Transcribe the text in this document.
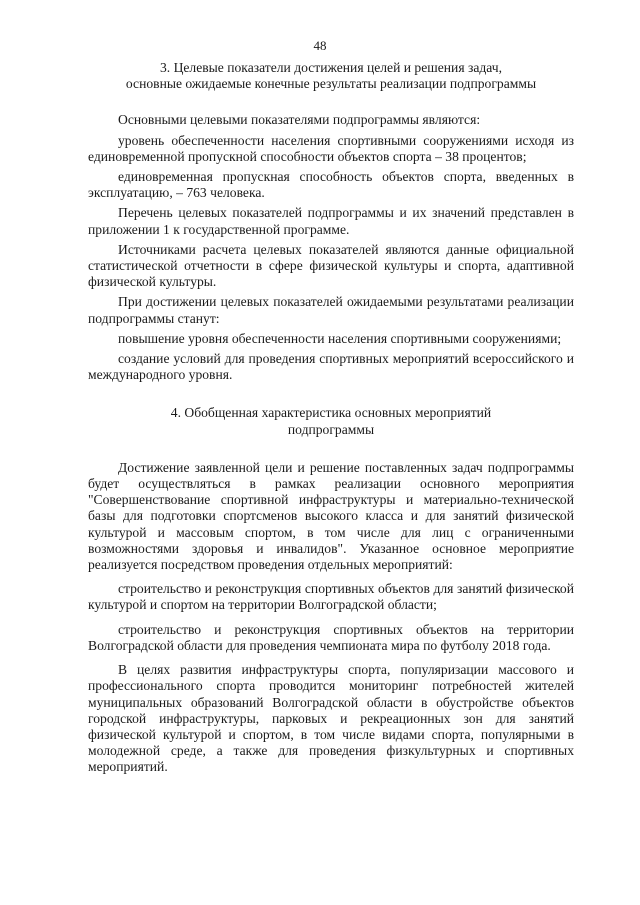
48
3. Целевые показатели достижения целей и решения задач,
основные ожидаемые конечные результаты реализации подпрограммы

Основными целевыми показателями подпрограммы являются:

уровень обеспеченности населения спортивными сооружениями исходя из единовременной пропускной способности объектов спорта – 38 процентов;

единовременная пропускная способность объектов спорта, введенных в эксплуатацию, – 763 человека.

Перечень целевых показателей подпрограммы и их значений представлен в приложении 1 к государственной программе.

Источниками расчета целевых показателей являются данные официальной статистической отчетности в сфере физической культуры и спорта, адаптивной физической культуры.

При достижении целевых показателей ожидаемыми результатами реализации подпрограммы станут:

повышение уровня обеспеченности населения спортивными сооружениями;

создание условий для проведения спортивных мероприятий всероссийского и международного уровня.

4. Обобщенная характеристика основных мероприятий
подпрограммы

Достижение заявленной цели и решение поставленных задач подпрограммы будет осуществляться в рамках реализации основного мероприятия "Совершенствование спортивной инфраструктуры и материально-технической базы для подготовки спортсменов высокого класса и для занятий физической культурой и массовым спортом, в том числе для лиц с ограниченными возможностями здоровья и инвалидов". Указанное основное мероприятие реализуется посредством проведения отдельных мероприятий:

строительство и реконструкция спортивных объектов для занятий физической культурой и спортом на территории Волгоградской области;

строительство и реконструкция спортивных объектов на территории Волгоградской области для проведения чемпионата мира по футболу 2018 года.

В целях развития инфраструктуры спорта, популяризации массового и профессионального спорта проводится мониторинг потребностей жителей муниципальных образований Волгоградской области в обустройстве объектов городской инфраструктуры, парковых и рекреационных зон для занятий физической культурой и спортом, в том числе видами спорта, популярными в молодежной среде, а также для проведения физкультурных и спортивных мероприятий.
